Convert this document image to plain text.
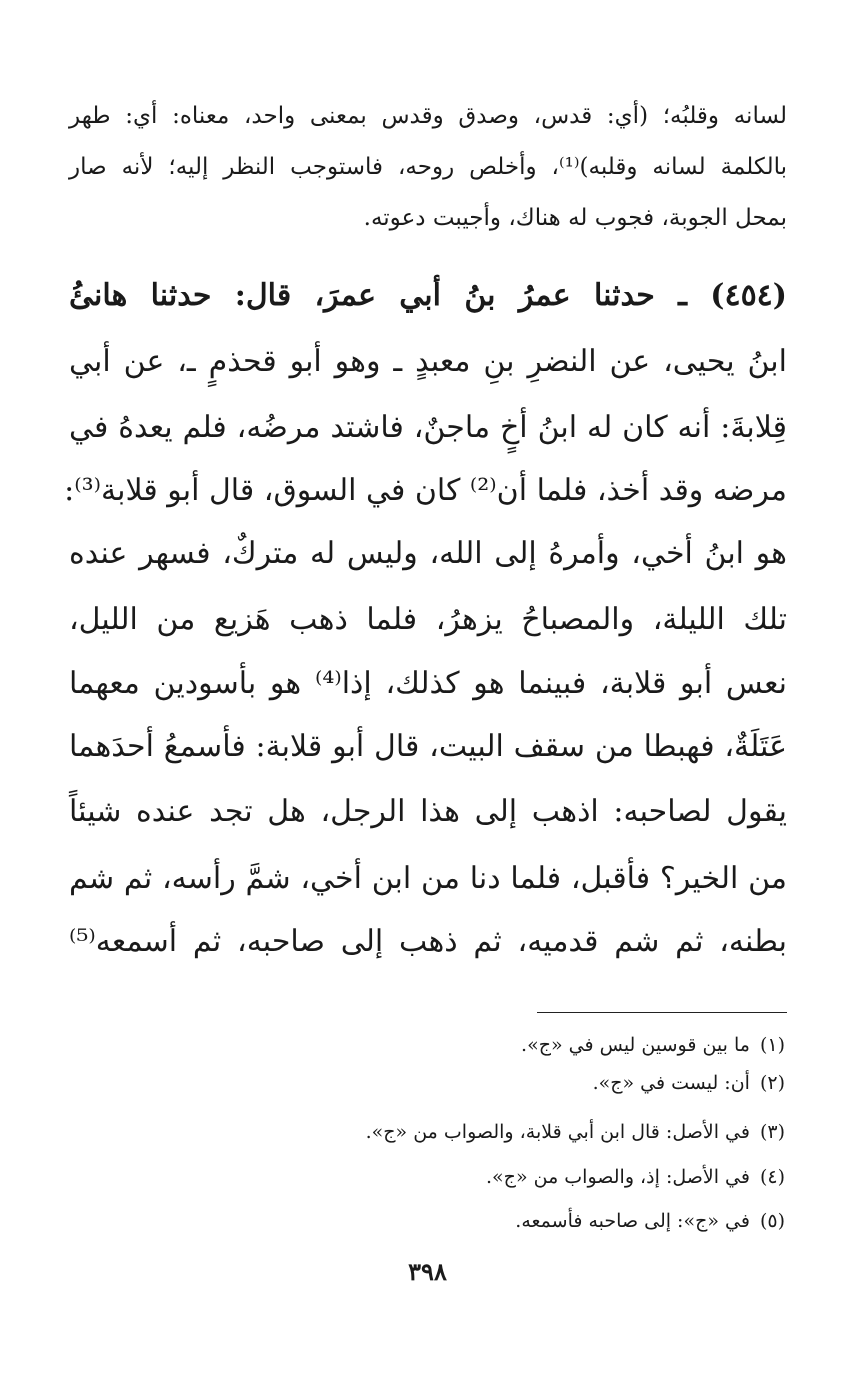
لسانه وقلبُه؛ (أي: قدس، وصدق وقدس بمعنى واحد، معناه: أي: طهر
بالكلمة لسانه وقلبه)⁽¹⁾، وأخلص روحه، فاستوجب النظر إليه؛ لأنه صار
بمحل الجوبة، فجوب له هناك، وأجيبت دعوته.
(٤٥٤) ـ حدثنا عمرُ بنُ أبي عمرَ، قال: حدثنا هانئُ
ابنُ يحيى، عن النضرِ بنِ معبدٍ ـ وهو أبو قحذمٍ ـ، عن أبي
قِلابةَ: أنه كان له ابنُ أخٍ ماجنٌ، فاشتد مرضُه، فلم يعدهُ في
مرضه وقد أخذ، فلما أن⁽²⁾ كان في السوق، قال أبو قلابة⁽³⁾:
هو ابنُ أخي، وأمرهُ إلى الله، وليس له متركٌ، فسهر عنده
تلك الليلة، والمصباحُ يزهرُ، فلما ذهب هَزيع من الليل،
نعس أبو قلابة، فبينما هو كذلك، إذا⁽⁴⁾ هو بأسودين معهما
عَتَلَةٌ، فهبطا من سقف البيت، قال أبو قلابة: فأسمعُ أحدَهما
يقول لصاحبه: اذهب إلى هذا الرجل، هل تجد عنده شيئاً
من الخير؟ فأقبل، فلما دنا من ابن أخي، شمَّ رأسه، ثم شم
بطنه، ثم شم قدميه، ثم ذهب إلى صاحبه، ثم أسمعه⁽⁵⁾
(١)ما بين قوسين ليس في «ج».
(٢)أن: ليست في «ج».
(٣)في الأصل: قال ابن أبي قلابة، والصواب من «ج».
(٤)في الأصل: إذ، والصواب من «ج».
(٥)في «ج»: إلى صاحبه فأسمعه.
٣٩٨
